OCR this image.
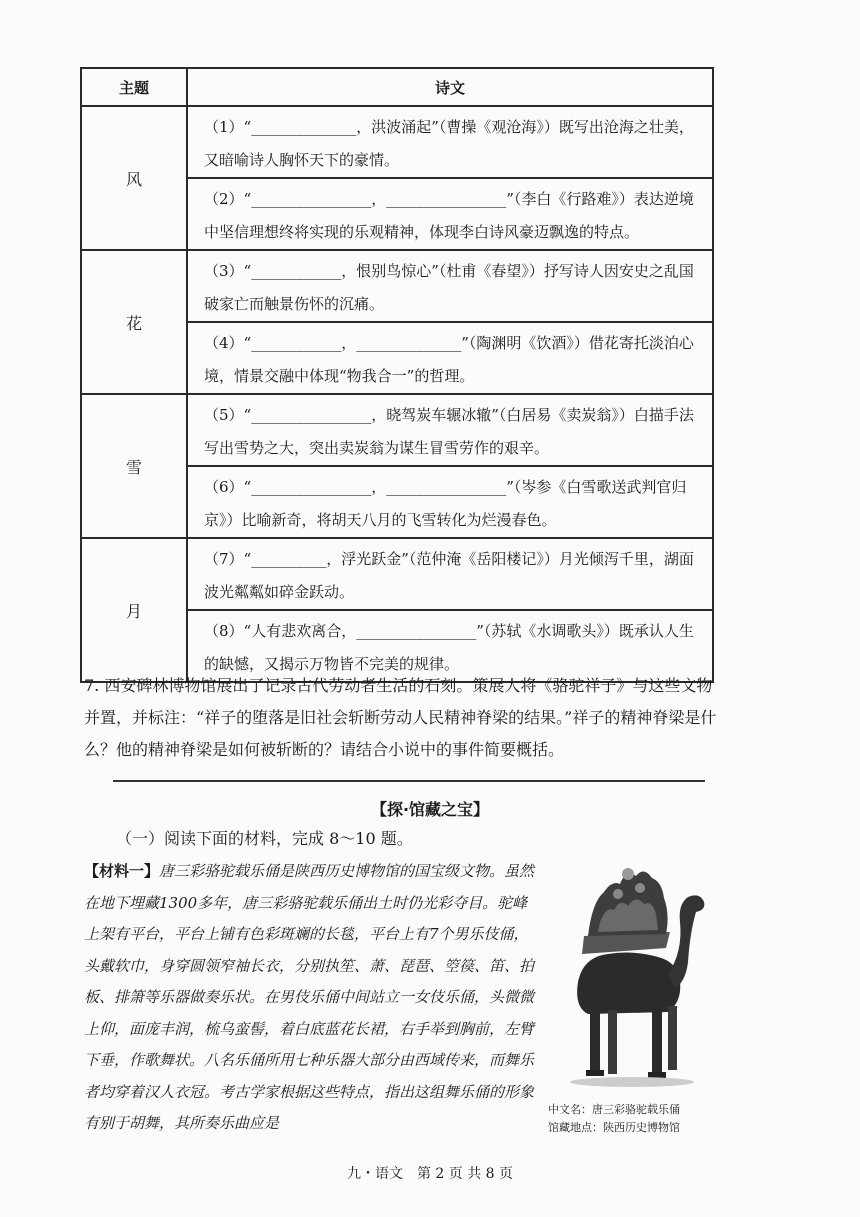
主题	诗文
风	（1）“______________，洪波涌起”（曹操《观沧海》）既写出沧海之壮美，又暗喻诗人胸怀天下的豪情。
	（2）“________________，________________”（李白《行路难》）表达逆境中坚信理想终将实现的乐观精神，体现李白诗风豪迈飘逸的特点。
花	（3）“____________，恨别鸟惊心”（杜甫《春望》）抒写诗人因安史之乱国破家亡而触景伤怀的沉痛。
	（4）“____________，______________”（陶渊明《饮酒》）借花寄托淡泊心境，情景交融中体现“物我合一”的哲理。
雪	（5）“________________，晓驾炭车辗冰辙”（白居易《卖炭翁》）白描手法写出雪势之大，突出卖炭翁为谋生冒雪劳作的艰辛。
	（6）“________________，________________”（岑参《白雪歌送武判官归京》）比喻新奇，将胡天八月的飞雪转化为烂漫春色。
月	（7）“__________，浮光跃金”（范仲淹《岳阳楼记》）月光倾泻千里，湖面波光粼粼如碎金跃动。
	（8）“人有悲欢离合，________________”（苏轼《水调歌头》）既承认人生的缺憾，又揭示万物皆不完美的规律。
7. 西安碑林博物馆展出了记录古代劳动者生活的石刻。策展人将《骆驼祥子》与这些文物并置，并标注：“祥子的堕落是旧社会斩断劳动人民精神脊梁的结果。”祥子的精神脊梁是什么？他的精神脊梁是如何被斩断的？请结合小说中的事件简要概括。
【探·馆藏之宝】
（一）阅读下面的材料，完成 8～10 题。
【材料一】唐三彩骆驼载乐俑是陕西历史博物馆的国宝级文物。虽然在地下埋藏1300多年，唐三彩骆驼载乐俑出土时仍光彩夺目。驼峰上架有平台，平台上铺有色彩斑斓的长毯，平台上有7个男乐伎俑，头戴软巾，身穿圆领窄袖长衣，分别执笙、萧、琵琶、箜篌、笛、拍板、排箫等乐器做奏乐状。在男伎乐俑中间站立一女伎乐俑，头微微上仰，面庞丰润，梳乌蛮髻，着白底蓝花长裙，右手举到胸前，左臂下垂，作歌舞状。八名乐俑所用七种乐器大部分由西域传来，而舞乐者均穿着汉人衣冠。考古学家根据这些特点，指出这组舞乐俑的形象有别于胡舞，其所奏乐曲应是
中文名：唐三彩骆驼载乐俑
馆藏地点：陕西历史博物馆
九・语文　第 2 页 共 8 页
